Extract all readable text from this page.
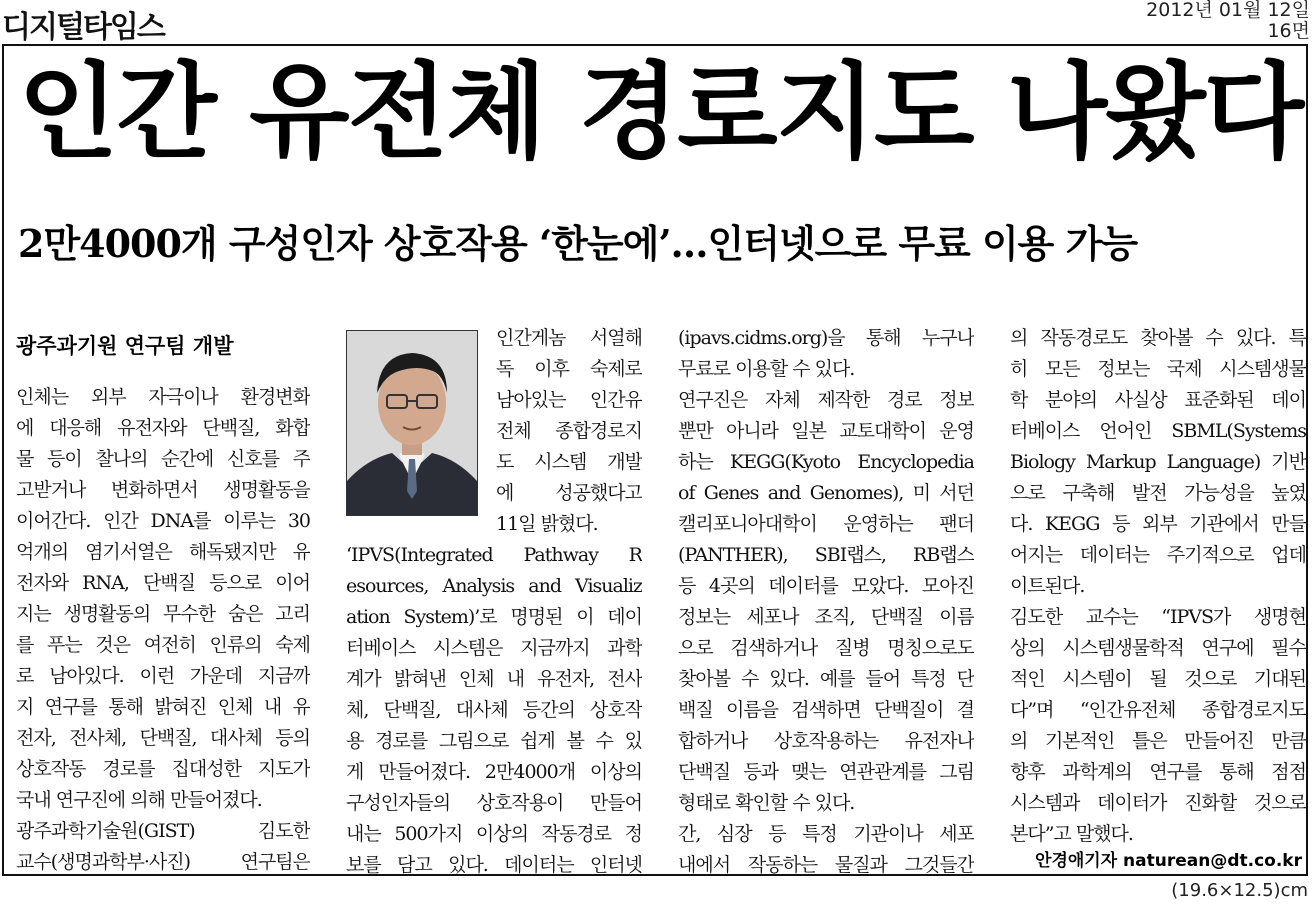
디지털타임스	2012년 01월 12일
16면
인간 유전체 경로지도 나왔다
2만4000개 구성인자 상호작용 ‘한눈에’…인터넷으로 무료 이용 가능
광주과기원 연구팀 개발
인체는 외부 자극이나 환경변화
에 대응해 유전자와 단백질, 화합
물 등이 찰나의 순간에 신호를 주
고받거나 변화하면서 생명활동을
이어간다. 인간 DNA를 이루는 30
억개의 염기서열은 해독됐지만 유
전자와 RNA, 단백질 등으로 이어
지는 생명활동의 무수한 숨은 고리
를 푸는 것은 여전히 인류의 숙제
로 남아있다. 이런 가운데 지금까
지 연구를 통해 밝혀진 인체 내 유
전자, 전사체, 단백질, 대사체 등의
상호작동 경로를 집대성한 지도가
국내 연구진에 의해 만들어졌다.
광주과학기술원(GIST) 김도한
교수(생명과학부·사진) 연구팀은
인간게놈 서열해
독 이후 숙제로
남아있는 인간유
전체 종합경로지
도 시스템 개발
에 성공했다고
11일 밝혔다.
‘IPVS(Integrated Pathway R
esources, Analysis and Visualiz
ation System)’로 명명된 이 데이
터베이스 시스템은 지금까지 과학
계가 밝혀낸 인체 내 유전자, 전사
체, 단백질, 대사체 등간의 상호작
용 경로를 그림으로 쉽게 볼 수 있
게 만들어졌다. 2만4000개 이상의
구성인자들의 상호작용이 만들어
내는 500가지 이상의 작동경로 정
보를 담고 있다. 데이터는 인터넷
(ipavs.cidms.org)을 통해 누구나
무료로 이용할 수 있다.
연구진은 자체 제작한 경로 정보
뿐만 아니라 일본 교토대학이 운영
하는 KEGG(Kyoto Encyclopedia
of Genes and Genomes), 미 서던
캘리포니아대학이 운영하는 팬더
(PANTHER), SBI랩스, RB랩스
등 4곳의 데이터를 모았다. 모아진
정보는 세포나 조직, 단백질 이름
으로 검색하거나 질병 명칭으로도
찾아볼 수 있다. 예를 들어 특정 단
백질 이름을 검색하면 단백질이 결
합하거나 상호작용하는 유전자나
단백질 등과 맺는 연관관계를 그림
형태로 확인할 수 있다.
간, 심장 등 특정 기관이나 세포
내에서 작동하는 물질과 그것들간
의 작동경로도 찾아볼 수 있다. 특
히 모든 정보는 국제 시스템생물
학 분야의 사실상 표준화된 데이
터베이스 언어인 SBML(Systems
Biology Markup Language) 기반
으로 구축해 발전 가능성을 높였
다. KEGG 등 외부 기관에서 만들
어지는 데이터는 주기적으로 업데
이트된다.
김도한 교수는 “IPVS가 생명현
상의 시스템생물학적 연구에 필수
적인 시스템이 될 것으로 기대된
다”며 “인간유전체 종합경로지도
의 기본적인 틀은 만들어진 만큼
향후 과학계의 연구를 통해 점점
시스템과 데이터가 진화할 것으로
본다”고 말했다.
안경애기자 naturean@dt.co.kr
(19.6×12.5)cm
